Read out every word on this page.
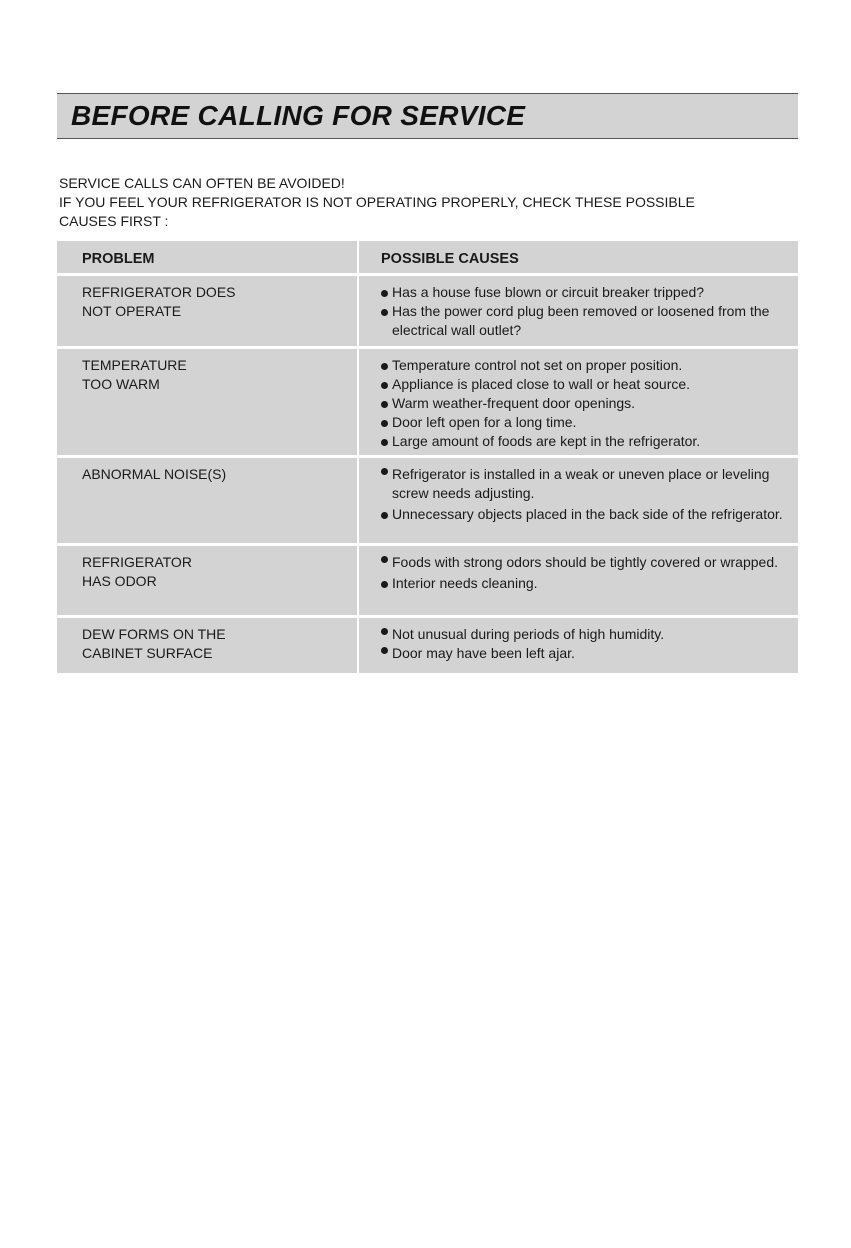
BEFORE CALLING FOR SERVICE
SERVICE CALLS CAN OFTEN BE AVOIDED!
IF YOU FEEL YOUR REFRIGERATOR IS NOT OPERATING PROPERLY, CHECK THESE POSSIBLE
CAUSES FIRST :
PROBLEM	POSSIBLE CAUSES
REFRIGERATOR DOES
NOT OPERATE
Has a house fuse blown or circuit breaker tripped?
Has the power cord plug been removed or loosened from the electrical wall outlet?
TEMPERATURE
TOO WARM
Temperature control not set on proper position.
Appliance is placed close to wall or heat source.
Warm weather-frequent door openings.
Door left open for a long time.
Large amount of foods are kept in the refrigerator.
ABNORMAL NOISE(S)	Refrigerator is installed in a weak or uneven place or leveling screw needs adjusting.
Unnecessary objects placed in the back side of the refrigerator.
REFRIGERATOR
HAS ODOR
Foods with strong odors should be tightly covered or wrapped.
Interior needs cleaning.
DEW FORMS ON THE
CABINET SURFACE
Not unusual during periods of high humidity.
Door may have been left ajar.
